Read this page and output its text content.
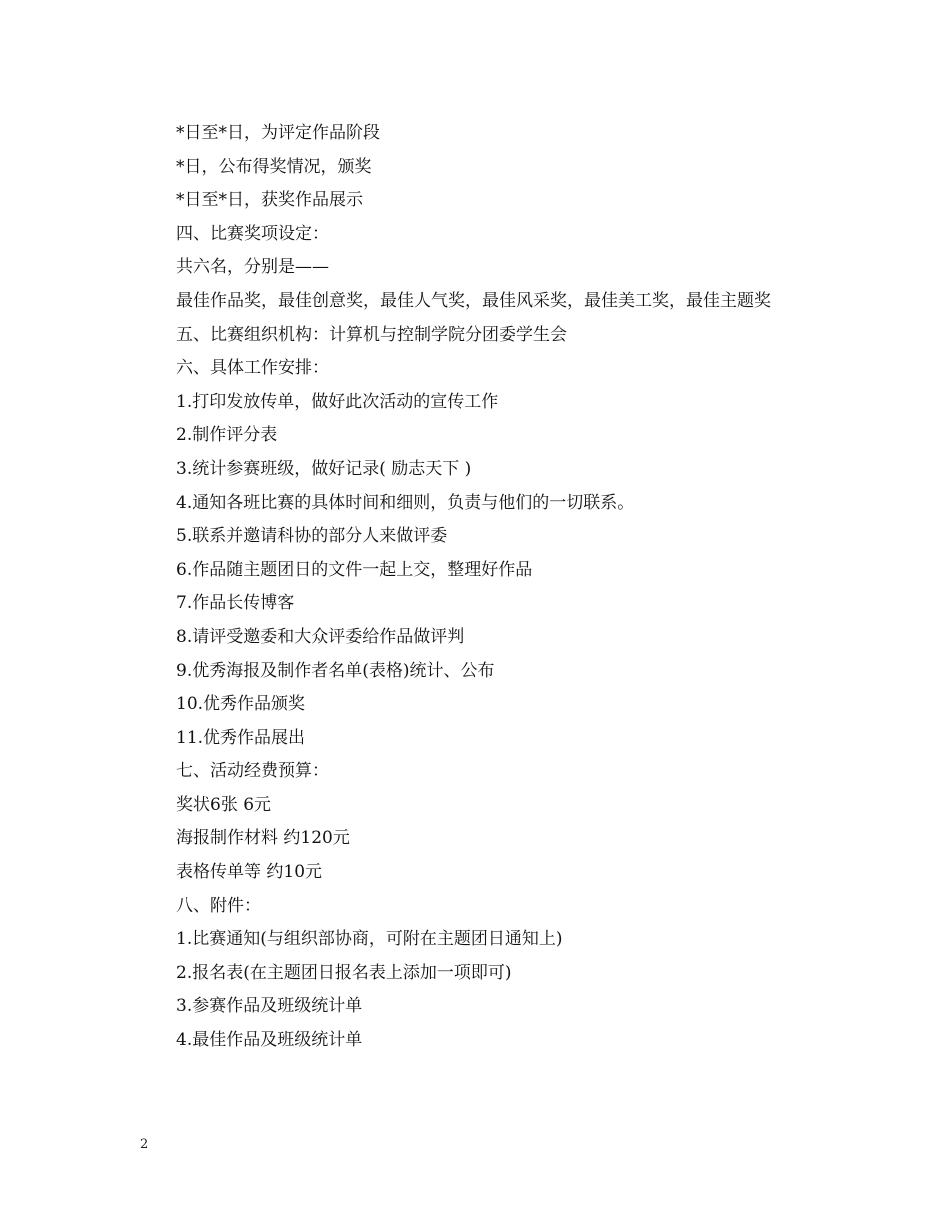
*日至*日，为评定作品阶段
*日，公布得奖情况，颁奖
*日至*日，获奖作品展示
四、比赛奖项设定：
共六名，分别是——
最佳作品奖，最佳创意奖，最佳人气奖，最佳风采奖，最佳美工奖，最佳主题奖
五、比赛组织机构：计算机与控制学院分团委学生会
六、具体工作安排：
1.打印发放传单，做好此次活动的宣传工作
2.制作评分表
3.统计参赛班级，做好记录( 励志天下 )
4.通知各班比赛的具体时间和细则，负责与他们的一切联系。
5.联系并邀请科协的部分人来做评委
6.作品随主题团日的文件一起上交，整理好作品
7.作品长传博客
8.请评受邀委和大众评委给作品做评判
9.优秀海报及制作者名单(表格)统计、公布
10.优秀作品颁奖
11.优秀作品展出
七、活动经费预算：
奖状6张 6元
海报制作材料 约120元
表格传单等 约10元
八、附件：
1.比赛通知(与组织部协商，可附在主题团日通知上)
2.报名表(在主题团日报名表上添加一项即可)
3.参赛作品及班级统计单
4.最佳作品及班级统计单
2
